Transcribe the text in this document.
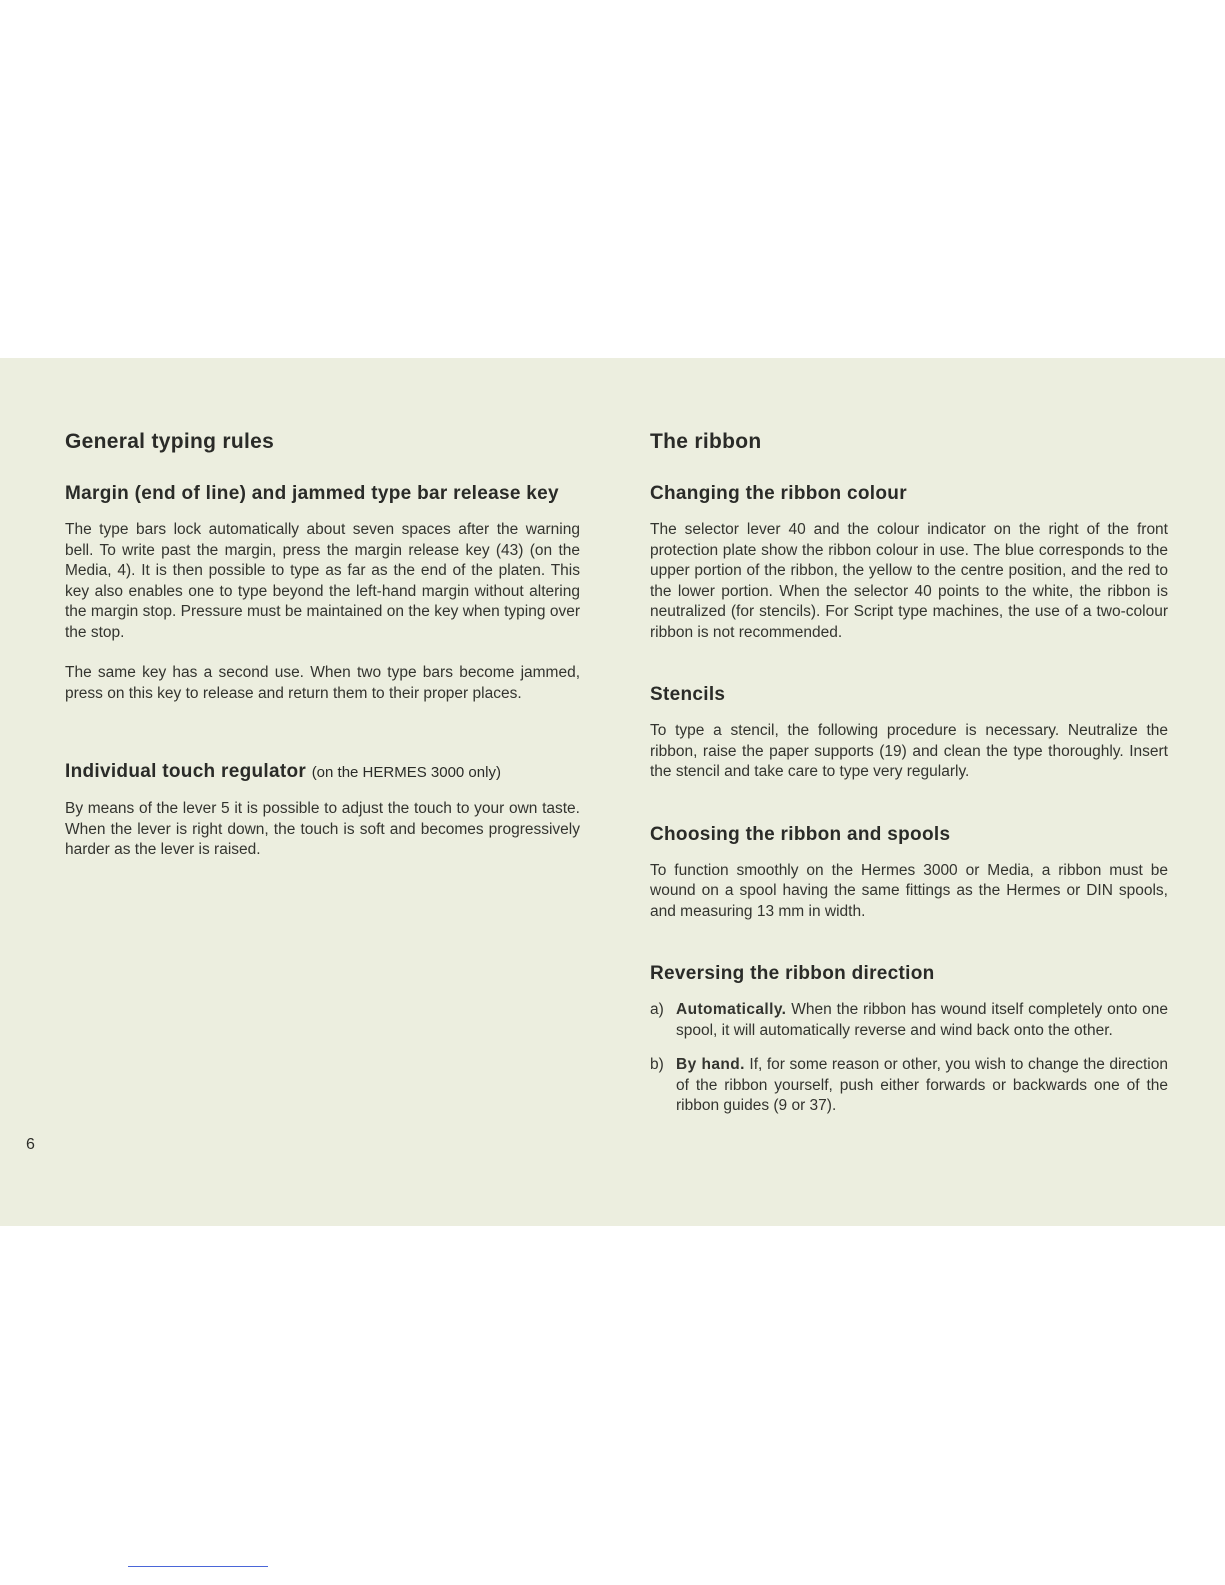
General typing rules
Margin (end of line) and jammed type bar release key

The type bars lock automatically about seven spaces after the warning bell. To write past the margin, press the margin release key (43) (on the Media, 4). It is then possible to type as far as the end of the platen. This key also enables one to type beyond the left-hand margin without altering the margin stop. Pressure must be maintained on the key when typing over the stop.

The same key has a second use. When two type bars become jammed, press on this key to release and return them to their proper places.

Individual touch regulator (on the HERMES 3000 only)

By means of the lever 5 it is possible to adjust the touch to your own taste. When the lever is right down, the touch is soft and becomes progressively harder as the lever is raised.

The ribbon
Changing the ribbon colour

The selector lever 40 and the colour indicator on the right of the front protection plate show the ribbon colour in use. The blue corresponds to the upper portion of the ribbon, the yellow to the centre position, and the red to the lower portion. When the selector 40 points to the white, the ribbon is neutralized (for stencils). For Script type machines, the use of a two-colour ribbon is not recommended.

Stencils

To type a stencil, the following procedure is necessary. Neutralize the ribbon, raise the paper supports (19) and clean the type thoroughly. Insert the stencil and take care to type very regularly.

Choosing the ribbon and spools

To function smoothly on the Hermes 3000 or Media, a ribbon must be wound on a spool having the same fittings as the Hermes or DIN spools, and measuring 13 mm in width.

Reversing the ribbon direction
a) Automatically. When the ribbon has wound itself completely onto one spool, it will automatically reverse and wind back onto the other.

b) By hand. If, for some reason or other, you wish to change the direction of the ribbon yourself, push either forwards or backwards one of the ribbon guides (9 or 37).

6
